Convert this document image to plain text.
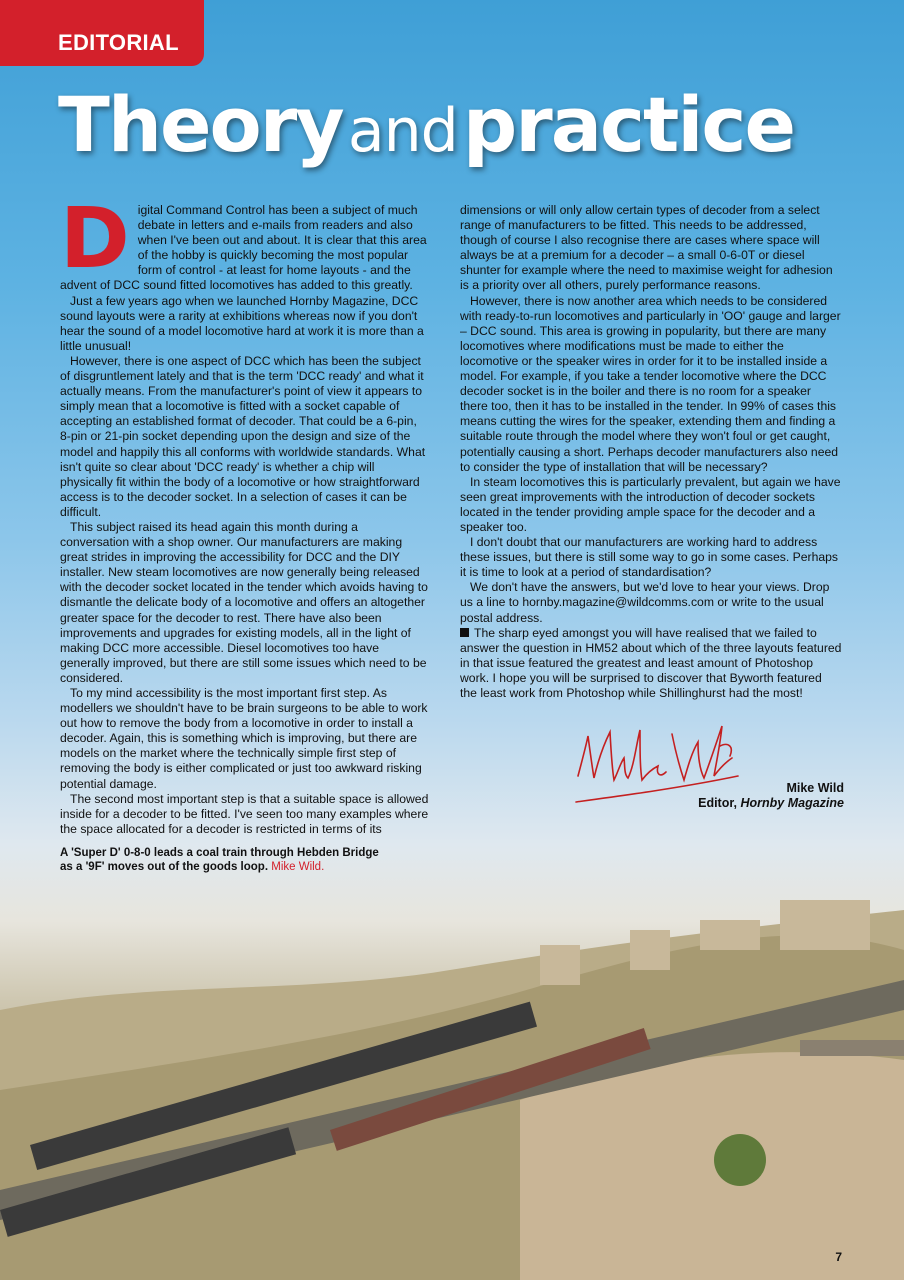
EDITORIAL
Theory and practice

Digital Command Control has been a subject of much debate in letters and e-mails from readers and also when I've been out and about. It is clear that this area of the hobby is quickly becoming the most popular form of control - at least for home layouts - and the advent of DCC sound fitted locomotives has added to this greatly.

Just a few years ago when we launched Hornby Magazine, DCC sound layouts were a rarity at exhibitions whereas now if you don't hear the sound of a model locomotive hard at work it is more than a little unusual!

However, there is one aspect of DCC which has been the subject of disgruntlement lately and that is the term 'DCC ready' and what it actually means. From the manufacturer's point of view it appears to simply mean that a locomotive is fitted with a socket capable of accepting an established format of decoder. That could be a 6-pin, 8-pin or 21-pin socket depending upon the design and size of the model and happily this all conforms with worldwide standards. What isn't quite so clear about 'DCC ready' is whether a chip will physically fit within the body of a locomotive or how straightforward access is to the decoder socket. In a selection of cases it can be difficult.

This subject raised its head again this month during a conversation with a shop owner. Our manufacturers are making great strides in improving the accessibility for DCC and the DIY installer. New steam locomotives are now generally being released with the decoder socket located in the tender which avoids having to dismantle the delicate body of a locomotive and offers an altogether greater space for the decoder to rest. There have also been improvements and upgrades for existing models, all in the light of making DCC more accessible. Diesel locomotives too have generally improved, but there are still some issues which need to be considered.

To my mind accessibility is the most important first step. As modellers we shouldn't have to be brain surgeons to be able to work out how to remove the body from a locomotive in order to install a decoder. Again, this is something which is improving, but there are models on the market where the technically simple first step of removing the body is either complicated or just too awkward risking potential damage.

The second most important step is that a suitable space is allowed inside for a decoder to be fitted. I've seen too many examples where the space allocated for a decoder is restricted in terms of its

dimensions or will only allow certain types of decoder from a select range of manufacturers to be fitted. This needs to be addressed, though of course I also recognise there are cases where space will always be at a premium for a decoder – a small 0-6-0T or diesel shunter for example where the need to maximise weight for adhesion is a priority over all others, purely performance reasons.

However, there is now another area which needs to be considered with ready-to-run locomotives and particularly in 'OO' gauge and larger – DCC sound. This area is growing in popularity, but there are many locomotives where modifications must be made to either the locomotive or the speaker wires in order for it to be installed inside a model. For example, if you take a tender locomotive where the DCC decoder socket is in the boiler and there is no room for a speaker there too, then it has to be installed in the tender. In 99% of cases this means cutting the wires for the speaker, extending them and finding a suitable route through the model where they won't foul or get caught, potentially causing a short. Perhaps decoder manufacturers also need to consider the type of installation that will be necessary?

In steam locomotives this is particularly prevalent, but again we have seen great improvements with the introduction of decoder sockets located in the tender providing ample space for the decoder and a speaker too.

I don't doubt that our manufacturers are working hard to address these issues, but there is still some way to go in some cases. Perhaps it is time to look at a period of standardisation?

We don't have the answers, but we'd love to hear your views. Drop us a line to hornby.magazine@wildcomms.com or write to the usual postal address.

The sharp eyed amongst you will have realised that we failed to answer the question in HM52 about which of the three layouts featured in that issue featured the greatest and least amount of Photoshop work. I hope you will be surprised to discover that Byworth featured the least work from Photoshop while Shillinghurst had the most!

Mike Wild
Editor, Hornby Magazine
A 'Super D' 0-8-0 leads a coal train through Hebden Bridge as a '9F' moves out of the goods loop. Mike Wild.
7
